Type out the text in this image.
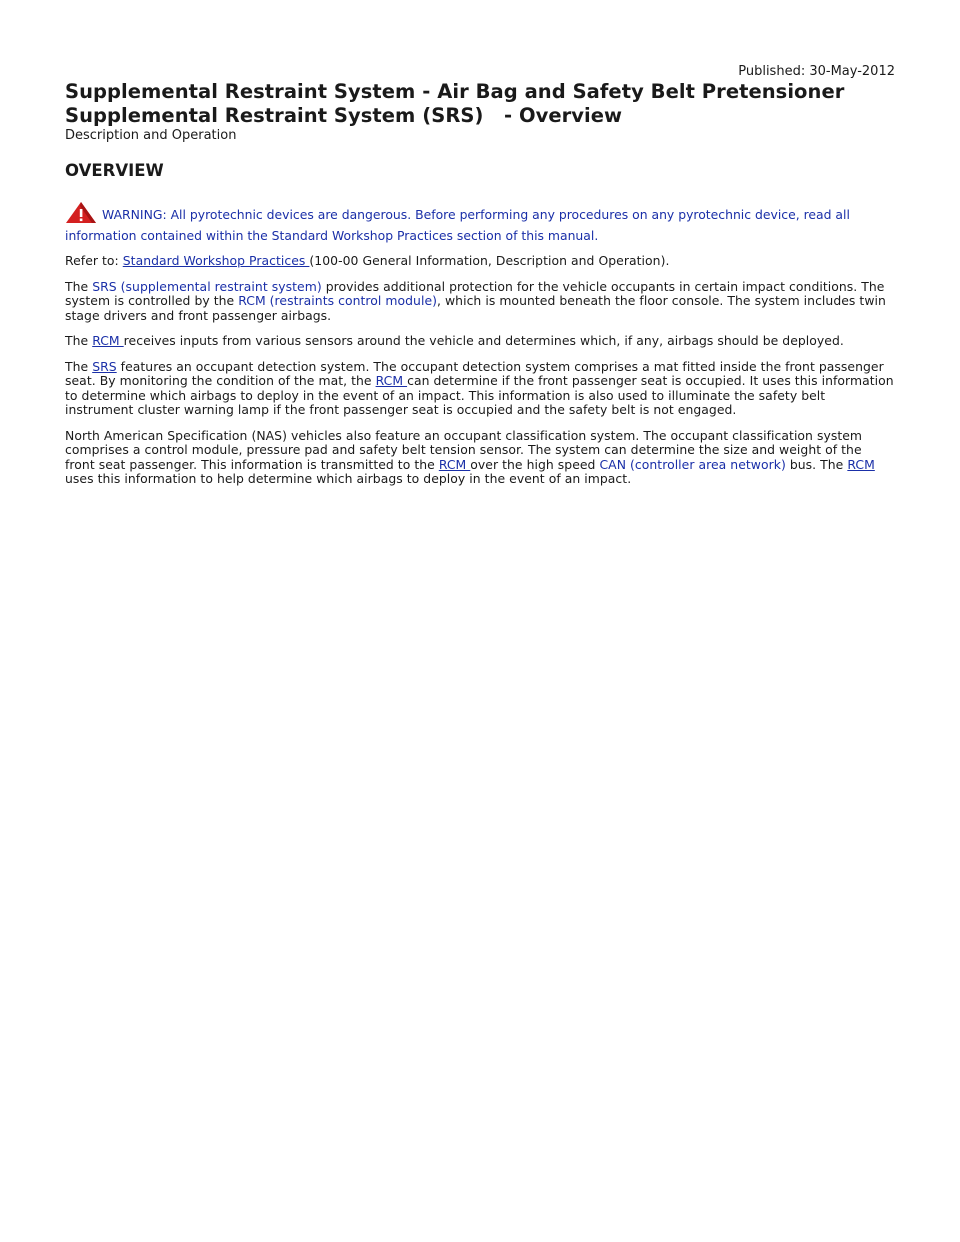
Published: 30-May-2012

Supplemental Restraint System - Air Bag and Safety Belt Pretensioner
Supplemental Restraint System (SRS)   - Overview

Description and Operation

OVERVIEW
WARNING: All pyrotechnic devices are dangerous. Before performing any procedures on any pyrotechnic device, read all information contained within the Standard Workshop Practices section of this manual.

Refer to: Standard Workshop Practices (100-00 General Information, Description and Operation).

The SRS (supplemental restraint system) provides additional protection for the vehicle occupants in certain impact conditions. The system is controlled by the RCM (restraints control module), which is mounted beneath the floor console. The system includes twin stage drivers and front passenger airbags.

The RCM receives inputs from various sensors around the vehicle and determines which, if any, airbags should be deployed.

The SRS features an occupant detection system. The occupant detection system comprises a mat fitted inside the front passenger seat. By monitoring the condition of the mat, the RCM can determine if the front passenger seat is occupied. It uses this information to determine which airbags to deploy in the event of an impact. This information is also used to illuminate the safety belt instrument cluster warning lamp if the front passenger seat is occupied and the safety belt is not engaged.

North American Specification (NAS) vehicles also feature an occupant classification system. The occupant classification system comprises a control module, pressure pad and safety belt tension sensor. The system can determine the size and weight of the front seat passenger. This information is transmitted to the RCM over the high speed CAN (controller area network) bus. The RCM uses this information to help determine which airbags to deploy in the event of an impact.
